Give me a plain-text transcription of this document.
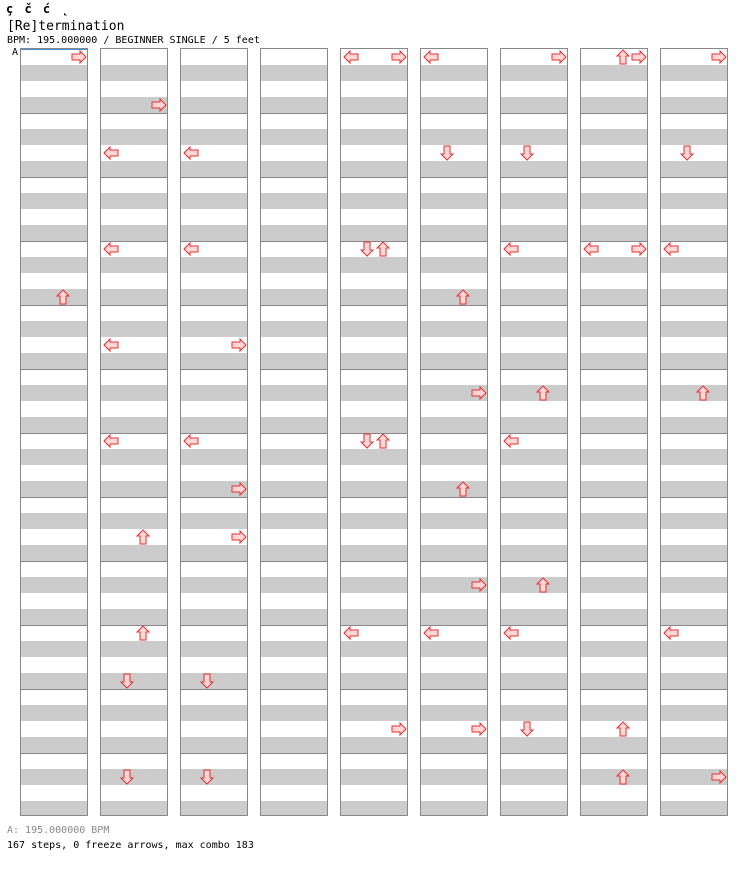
ç č ć ˛
[Re]termination
BPM: 195.000000 / BEGINNER SINGLE / 5 feet
A
A: 195.000000 BPM
167 steps, 0 freeze arrows, max combo 183
